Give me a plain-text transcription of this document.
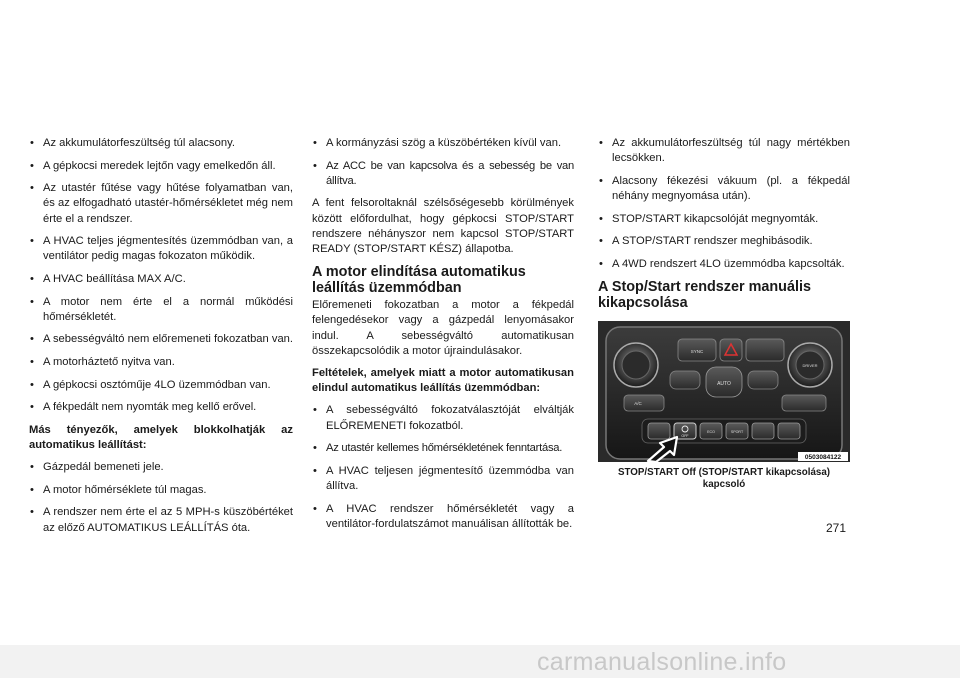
• Az akkumulátorfeszültség túl alacsony.
• A gépkocsi meredek lejtőn vagy emelkedőn áll.
• Az utastér fűtése vagy hűtése folyamatban van, és az elfogadható utastér-hőmérsékletet még nem érte el a rendszer.
• A HVAC teljes jégmentesítés üzemmódban van, a ventilátor pedig magas fokozaton működik.
• A HVAC beállítása MAX A/C.
• A motor nem érte el a normál működési hőmérsékletét.
• A sebességváltó nem előremeneti fokozatban van.
• A motorháztető nyitva van.
• A gépkocsi osztóműje 4LO üzemmódban van.
• A fékpedált nem nyomták meg kellő erővel.

Más tényezők, amelyek blokkolhatják az automatikus leállítást:

• Gázpedál bemeneti jele.
• A motor hőmérséklete túl magas.
• A rendszer nem érte el az 5 MPH-s küszöbértéket az előző AUTOMATIKUS LEÁLLÍTÁS óta.
• A kormányzási szög a küszöbértéken kívül van.
• Az ACC be van kapcsolva és a sebesség be van állítva.

A fent felsoroltaknál szélsőségesebb körülmények között előfordulhat, hogy gépkocsi STOP/START rendszere néhányszor nem kapcsol STOP/START READY (STOP/START KÉSZ) állapotba.

A motor elindítása automatikus leállítás üzemmódban

Előremeneti fokozatban a motor a fékpedál felengedésekor vagy a gázpedál lenyomásakor indul. A sebességváltó automatikusan összekapcsolódik a motor újraindulásakor.

Feltételek, amelyek miatt a motor automatikusan elindul automatikus leállítás üzemmódban:

• A sebességváltó fokozatválasztóját elváltják ELŐREMENETI fokozatból.
• Az utastér kellemes hőmérsékletének fenntartása.
• A HVAC teljesen jégmentesítő üzemmódba van állítva.
• A HVAC rendszer hőmérsékletét vagy a ventilátor-fordulatszámot manuálisan állították be.
• Az akkumulátorfeszültség túl nagy mértékben lecsökken.
• Alacsony fékezési vákuum (pl. a fékpedál néhány megnyomása után).
• STOP/START kikapcsolóját megnyomták.
• A STOP/START rendszer meghibásodik.
• A 4WD rendszert 4LO üzemmódba kapcsolták.
A Stop/Start rendszer manuális kikapcsolása
SYNC
DRIVER
AUTO
A/C
OFF
ECO	SPORT
0503084122
STOP/START Off (STOP/START kikapcsolása)
kapcsoló
271
carmanualsonline.info
